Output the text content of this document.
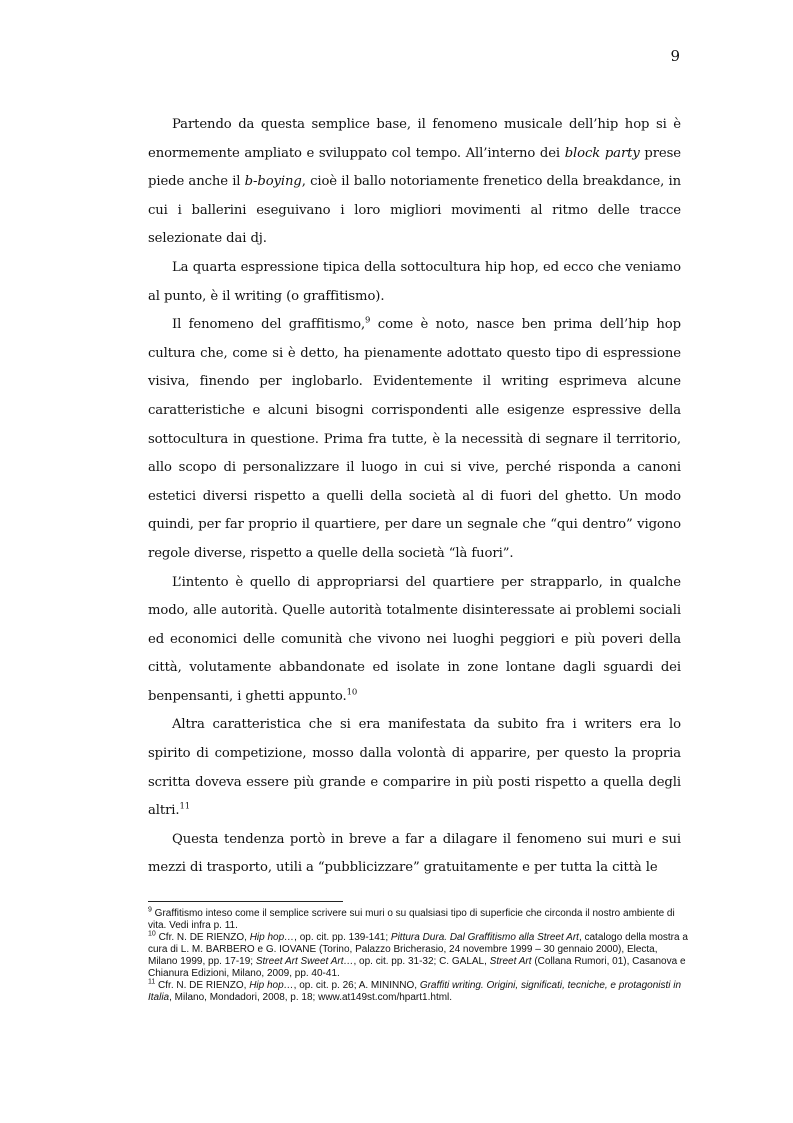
9

Partendo da questa semplice base, il fenomeno musicale dell’hip hop si è enormemente ampliato e sviluppato col tempo. All’interno dei block party prese piede anche il b-boying, cioè il ballo notoriamente frenetico della breakdance, in cui i ballerini eseguivano i loro migliori movimenti al ritmo delle tracce selezionate dai dj.

La quarta espressione tipica della sottocultura hip hop, ed ecco che veniamo al punto, è il writing (o graffitismo).

Il fenomeno del graffitismo,$^9$ come è noto, nasce ben prima dell’hip hop cultura che, come si è detto, ha pienamente adottato questo tipo di espressione visiva, finendo per inglobarlo. Evidentemente il writing esprimeva alcune caratteristiche e alcuni bisogni corrispondenti alle esigenze espressive della sottocultura in questione. Prima fra tutte, è la necessità di segnare il territorio, allo scopo di personalizzare il luogo in cui si vive, perché risponda a canoni estetici diversi rispetto a quelli della società al di fuori del ghetto. Un modo quindi, per far proprio il quartiere, per dare un segnale che “qui dentro” vigono regole diverse, rispetto a quelle della società “là fuori”.

L’intento è quello di appropriarsi del quartiere per strapparlo, in qualche modo, alle autorità. Quelle autorità totalmente disinteressate ai problemi sociali ed economici delle comunità che vivono nei luoghi peggiori e più poveri della città, volutamente abbandonate ed isolate in zone lontane dagli sguardi dei benpensanti, i ghetti appunto.$^{10}$

Altra caratteristica che si era manifestata da subito fra i writers era lo spirito di competizione, mosso dalla volontà di apparire, per questo la propria scritta doveva essere più grande e comparire in più posti rispetto a quella degli altri.$^{11}$

Questa tendenza portò in breve a far a dilagare il fenomeno sui muri e sui mezzi di trasporto, utili a “pubblicizzare” gratuitamente e per tutta la città le

$^9$ Graffitismo inteso come il semplice scrivere sui muri o su qualsiasi tipo di superficie che circonda il nostro ambiente di vita. Vedi infra p. 11.

$^{10}$ Cfr. N. DE RIENZO, Hip hop…, op. cit. pp. 139-141; Pittura Dura. Dal Graffitismo alla Street Art, catalogo della mostra a cura di L. M. BARBERO e G. IOVANE (Torino, Palazzo Bricherasio, 24 novembre 1999 – 30 gennaio 2000), Electa, Milano 1999, pp. 17-19; Street Art Sweet Art…, op. cit. pp. 31-32; C. GALAL, Street Art (Collana Rumori, 01), Casanova e Chianura Edizioni, Milano, 2009, pp. 40-41.

$^{11}$ Cfr. N. DE RIENZO, Hip hop…, op. cit. p. 26; A. MININNO, Graffiti writing. Origini, significati, tecniche, e protagonisti in Italia, Milano, Mondadori, 2008, p. 18; www.at149st.com/hpart1.html.
